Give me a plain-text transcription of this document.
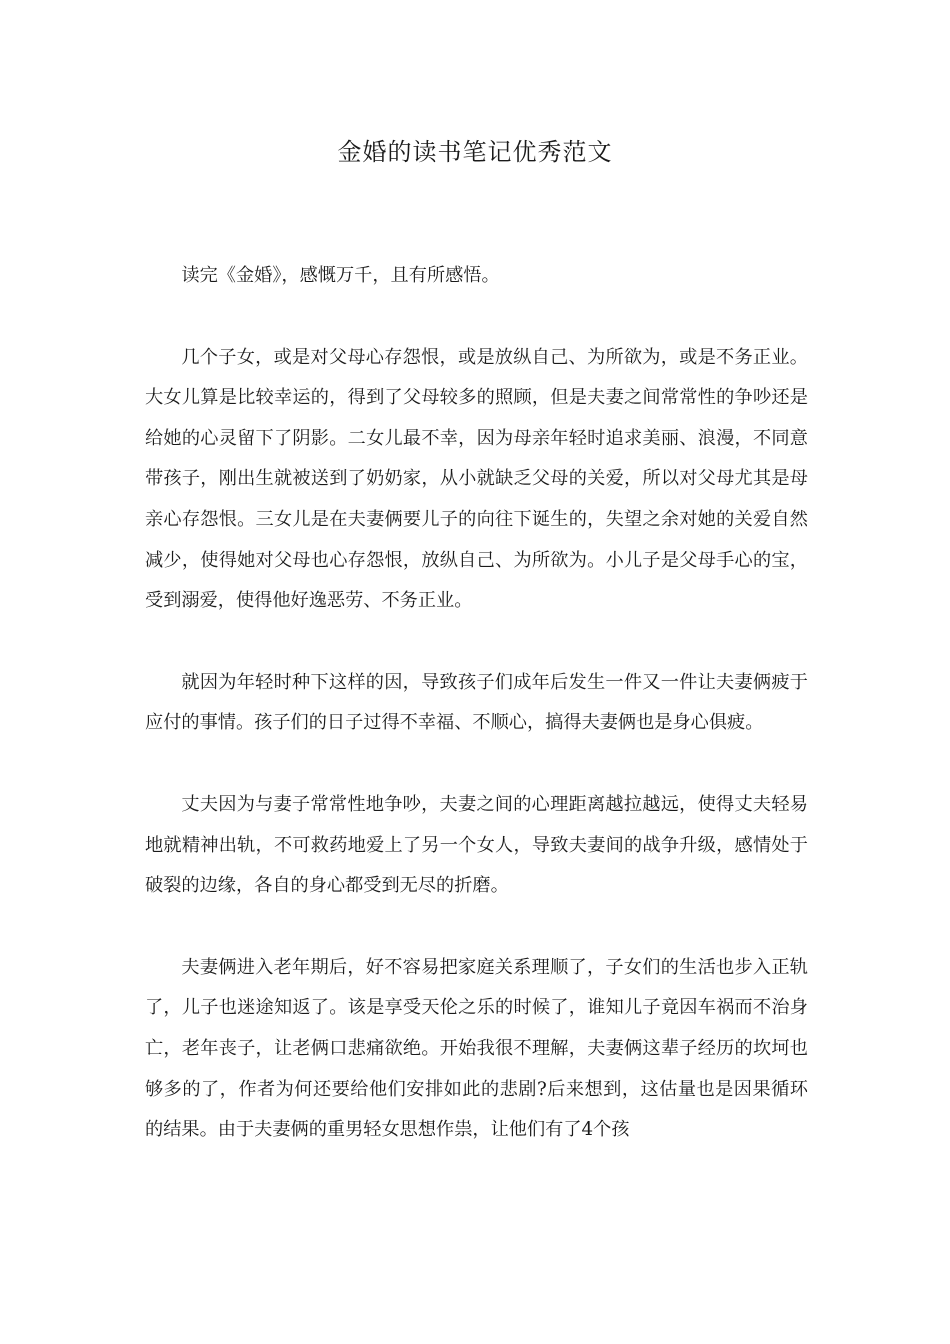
金婚的读书笔记优秀范文

读完《金婚》，感慨万千，且有所感悟。

几个子女，或是对父母心存怨恨，或是放纵自己、为所欲为，或是不务正业。大女儿算是比较幸运的，得到了父母较多的照顾，但是夫妻之间常常性的争吵还是给她的心灵留下了阴影。二女儿最不幸，因为母亲年轻时追求美丽、浪漫，不同意带孩子，刚出生就被送到了奶奶家，从小就缺乏父母的关爱，所以对父母尤其是母亲心存怨恨。三女儿是在夫妻俩要儿子的向往下诞生的，失望之余对她的关爱自然减少，使得她对父母也心存怨恨，放纵自己、为所欲为。小儿子是父母手心的宝，受到溺爱，使得他好逸恶劳、不务正业。

就因为年轻时种下这样的因，导致孩子们成年后发生一件又一件让夫妻俩疲于应付的事情。孩子们的日子过得不幸福、不顺心，搞得夫妻俩也是身心俱疲。

丈夫因为与妻子常常性地争吵，夫妻之间的心理距离越拉越远，使得丈夫轻易地就精神出轨，不可救药地爱上了另一个女人，导致夫妻间的战争升级，感情处于破裂的边缘，各自的身心都受到无尽的折磨。

夫妻俩进入老年期后，好不容易把家庭关系理顺了，子女们的生活也步入正轨了，儿子也迷途知返了。该是享受天伦之乐的时候了，谁知儿子竟因车祸而不治身亡，老年丧子，让老俩口悲痛欲绝。开始我很不理解，夫妻俩这辈子经历的坎坷也够多的了，作者为何还要给他们安排如此的悲剧?后来想到，这估量也是因果循环的结果。由于夫妻俩的重男轻女思想作祟，让他们有了4个孩
